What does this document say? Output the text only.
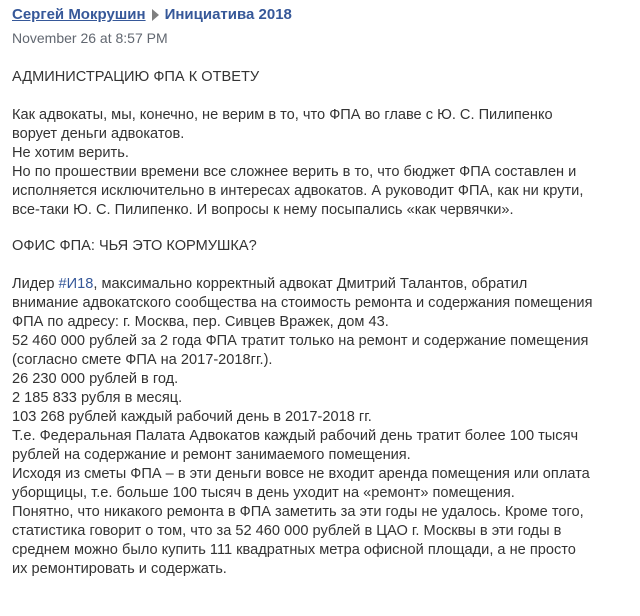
Сергей Мокрушин Инициатива 2018
November 26 at 8:57 PM
АДМИНИСТРАЦИЮ ФПА К ОТВЕТУ
Как адвокаты, мы, конечно, не верим в то, что ФПА во главе с Ю. С. Пилипенко
ворует деньги адвокатов.
Не хотим верить.
Но по прошествии времени все сложнее верить в то, что бюджет ФПА составлен и
исполняется исключительно в интересах адвокатов. А руководит ФПА, как ни крути,
все-таки Ю. С. Пилипенко. И вопросы к нему посыпались «как червячки».
ОФИС ФПА: ЧЬЯ ЭТО КОРМУШКА?
Лидер #И18, максимально корректный адвокат Дмитрий Талантов, обратил
внимание адвокатского сообщества на стоимость ремонта и содержания помещения
ФПА по адресу: г. Москва, пер. Сивцев Вражек, дом 43.
52 460 000 рублей за 2 года ФПА тратит только на ремонт и содержание помещения
(согласно смете ФПА на 2017-2018гг.).
26 230 000 рублей в год.
2 185 833 рубля в месяц.
103 268 рублей каждый рабочий день в 2017-2018 гг.
Т.е. Федеральная Палата Адвокатов каждый рабочий день тратит более 100 тысяч
рублей на содержание и ремонт занимаемого помещения.
Исходя из сметы ФПА – в эти деньги вовсе не входит аренда помещения или оплата
уборщицы, т.е. больше 100 тысяч в день уходит на «ремонт» помещения.
Понятно, что никакого ремонта в ФПА заметить за эти годы не удалось. Кроме того,
статистика говорит о том, что за 52 460 000 рублей в ЦАО г. Москвы в эти годы в
среднем можно было купить 111 квадратных метра офисной площади, а не просто
их ремонтировать и содержать.
